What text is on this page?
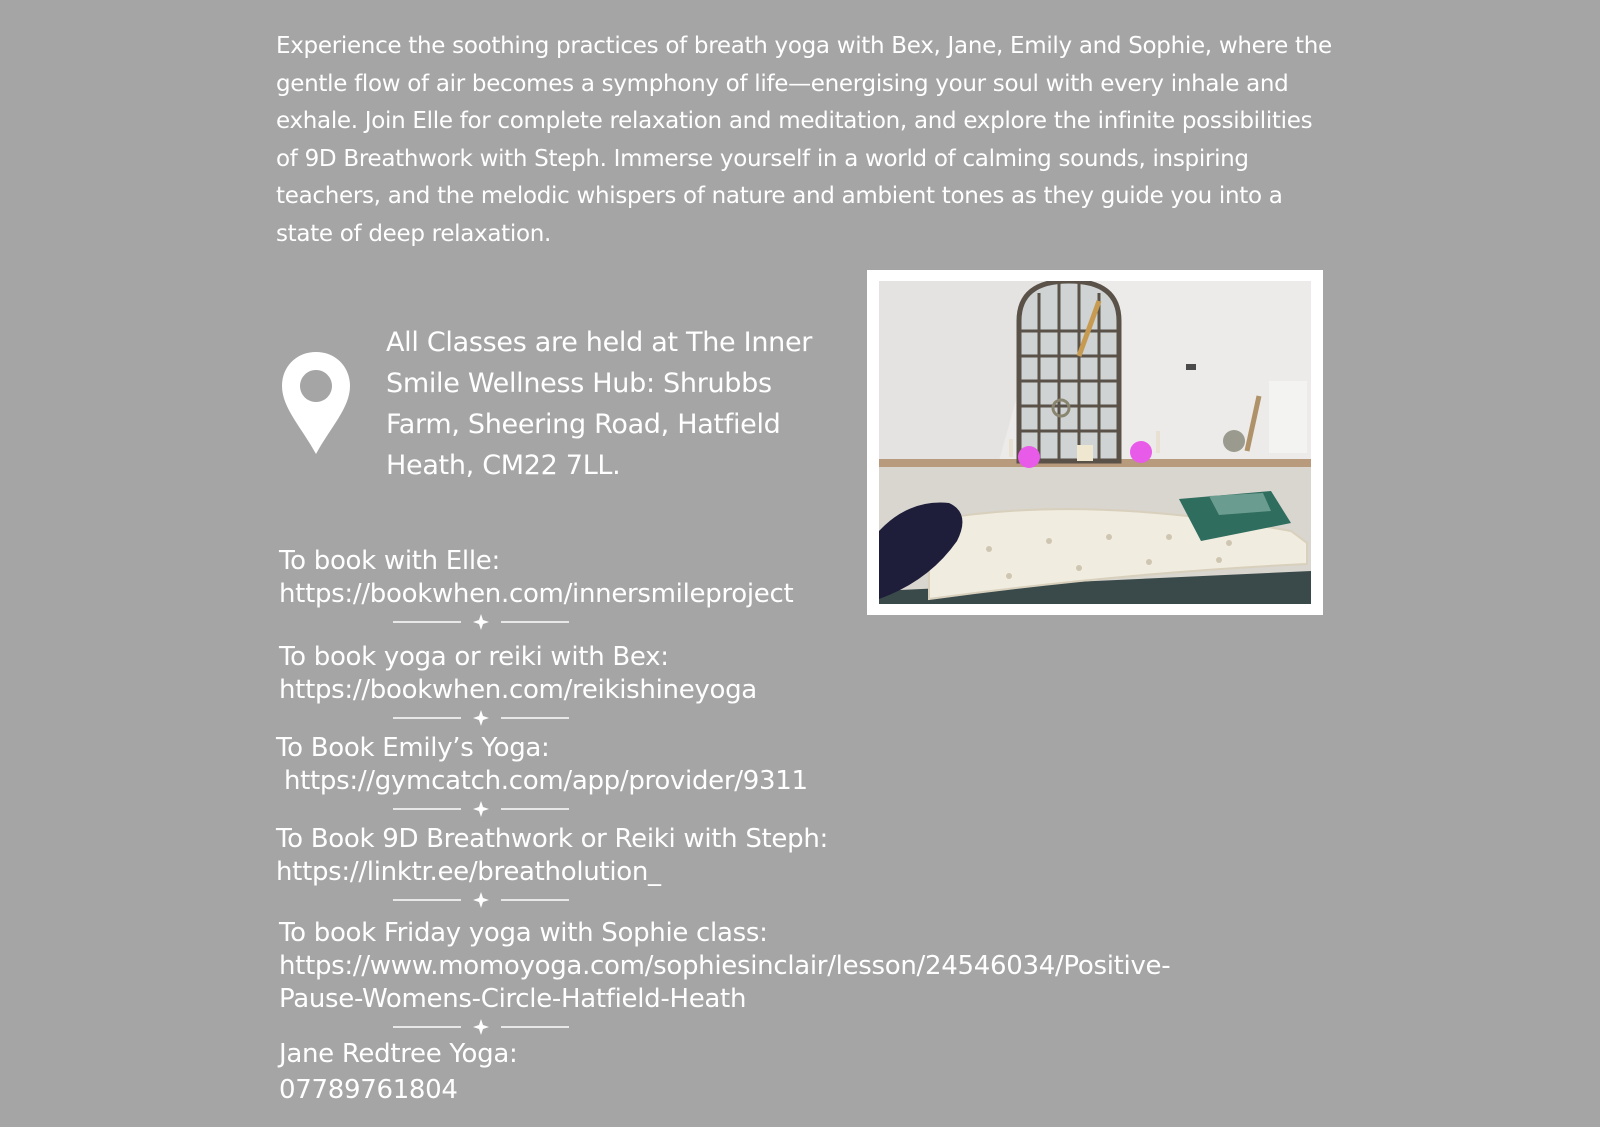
Experience the soothing practices of breath yoga with Bex, Jane, Emily and Sophie, where the gentle flow of air becomes a symphony of life—energising your soul with every inhale and exhale. Join Elle for complete relaxation and meditation, and explore the infinite possibilities of 9D Breathwork with Steph. Immerse yourself in a world of calming sounds, inspiring teachers, and the melodic whispers of nature and ambient tones as they guide you into a state of deep relaxation.
All Classes are held at The Inner Smile Wellness Hub: Shrubbs Farm, Sheering Road, Hatfield Heath, CM22 7LL.
To book with Elle:
https://bookwhen.com/innersmileproject
To book yoga or reiki with Bex:
https://bookwhen.com/reikishineyoga
To Book Emily’s Yoga:
https://gymcatch.com/app/provider/9311
To Book 9D Breathwork or Reiki with Steph:
https://linktr.ee/breatholution_
To book Friday yoga with Sophie class:
https://www.momoyoga.com/sophiesinclair/lesson/24546034/Positive-
Pause-Womens-Circle-Hatfield-Heath
Jane Redtree Yoga:
07789761804
